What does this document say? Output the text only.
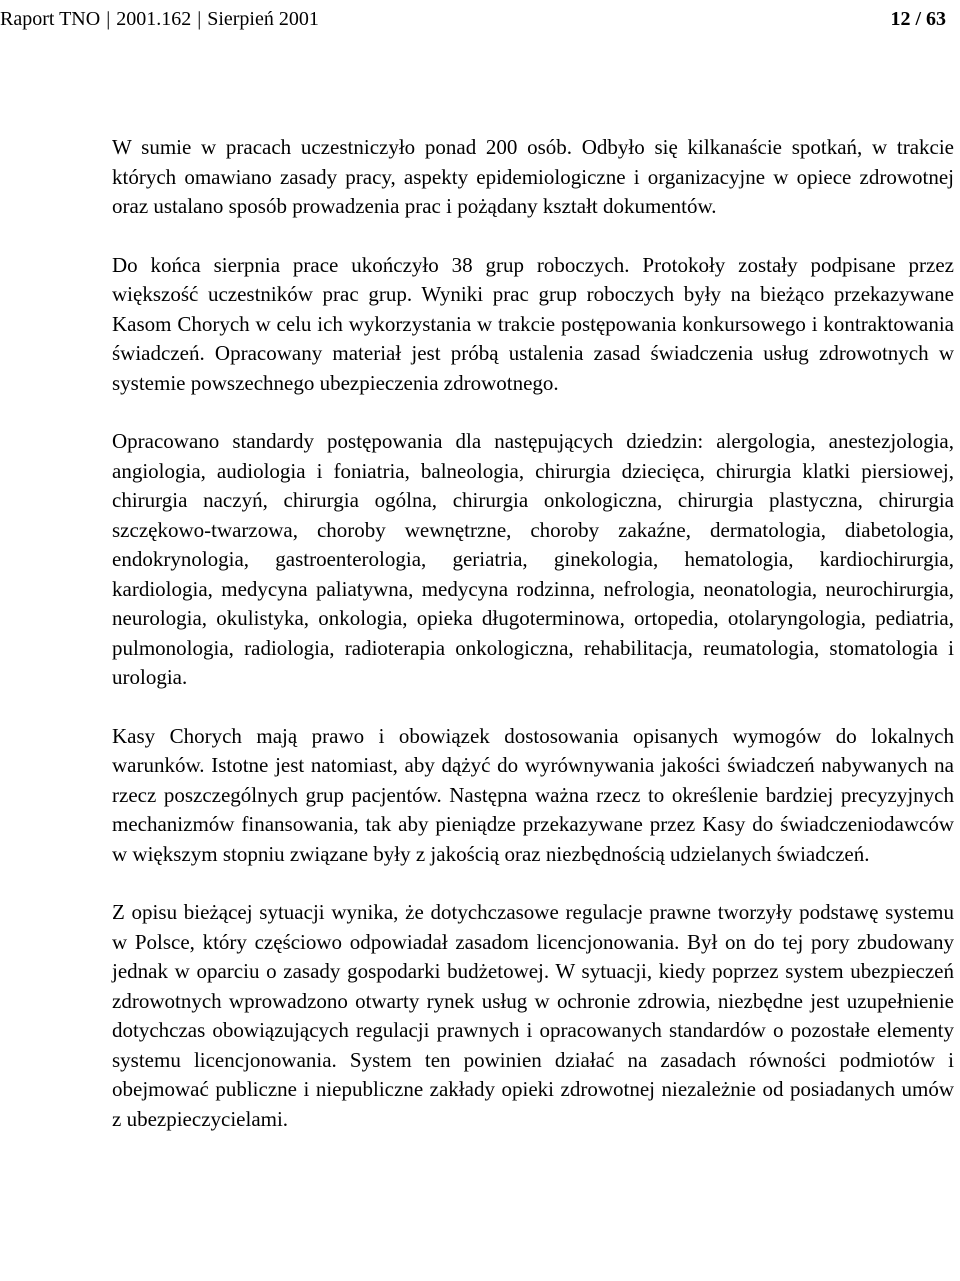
Raport TNO | 2001.162 | Sierpień 2001	12 / 63

W sumie w pracach uczestniczyło ponad 200 osób. Odbyło się kilkanaście spotkań, w trakcie których omawiano zasady pracy, aspekty epidemiologiczne i organizacyjne w opiece zdrowotnej oraz ustalano sposób prowadzenia prac i pożądany kształt dokumentów.

Do końca sierpnia prace ukończyło 38 grup roboczych. Protokoły zostały podpisane przez większość uczestników prac grup. Wyniki prac grup roboczych były na bieżąco przekazywane Kasom Chorych w celu ich wykorzystania w trakcie postępowania konkursowego i kontraktowania świadczeń. Opracowany materiał jest próbą ustalenia zasad świadczenia usług zdrowotnych w systemie powszechnego ubezpieczenia zdrowotnego.

Opracowano standardy postępowania dla następujących dziedzin: alergologia, anestezjologia, angiologia, audiologia i foniatria, balneologia, chirurgia dziecięca, chirurgia klatki piersiowej, chirurgia naczyń, chirurgia ogólna, chirurgia onkologiczna, chirurgia plastyczna, chirurgia szczękowo-twarzowa, choroby wewnętrzne, choroby zakaźne, dermatologia, diabetologia, endokrynologia, gastroenterologia, geriatria, ginekologia, hematologia, kardiochirurgia, kardiologia, medycyna paliatywna, medycyna rodzinna, nefrologia, neonatologia, neurochirurgia, neurologia, okulistyka, onkologia, opieka długoterminowa, ortopedia, otolaryngologia, pediatria, pulmonologia, radiologia, radioterapia onkologiczna, rehabilitacja, reumatologia, stomatologia i urologia.

Kasy Chorych mają prawo i obowiązek dostosowania opisanych wymogów do lokalnych warunków. Istotne jest natomiast, aby dążyć do wyrównywania jakości świadczeń nabywanych na rzecz poszczególnych grup pacjentów. Następna ważna rzecz to określenie bardziej precyzyjnych mechanizmów finansowania, tak aby pieniądze przekazywane przez Kasy do świadczeniodawców w większym stopniu związane były z jakością oraz niezbędnością udzielanych świadczeń.

Z opisu bieżącej sytuacji wynika, że dotychczasowe regulacje prawne tworzyły podstawę systemu w Polsce, który częściowo odpowiadał zasadom licencjonowania. Był on do tej pory zbudowany jednak w oparciu o zasady gospodarki budżetowej. W sytuacji, kiedy poprzez system ubezpieczeń zdrowotnych wprowadzono otwarty rynek usług w ochronie zdrowia, niezbędne jest uzupełnienie dotychczas obowiązujących regulacji prawnych i opracowanych standardów o pozostałe elementy systemu licencjonowania. System ten powinien działać na zasadach równości podmiotów i obejmować publiczne i niepubliczne zakłady opieki zdrowotnej niezależnie od posiadanych umów z ubezpieczycielami.
